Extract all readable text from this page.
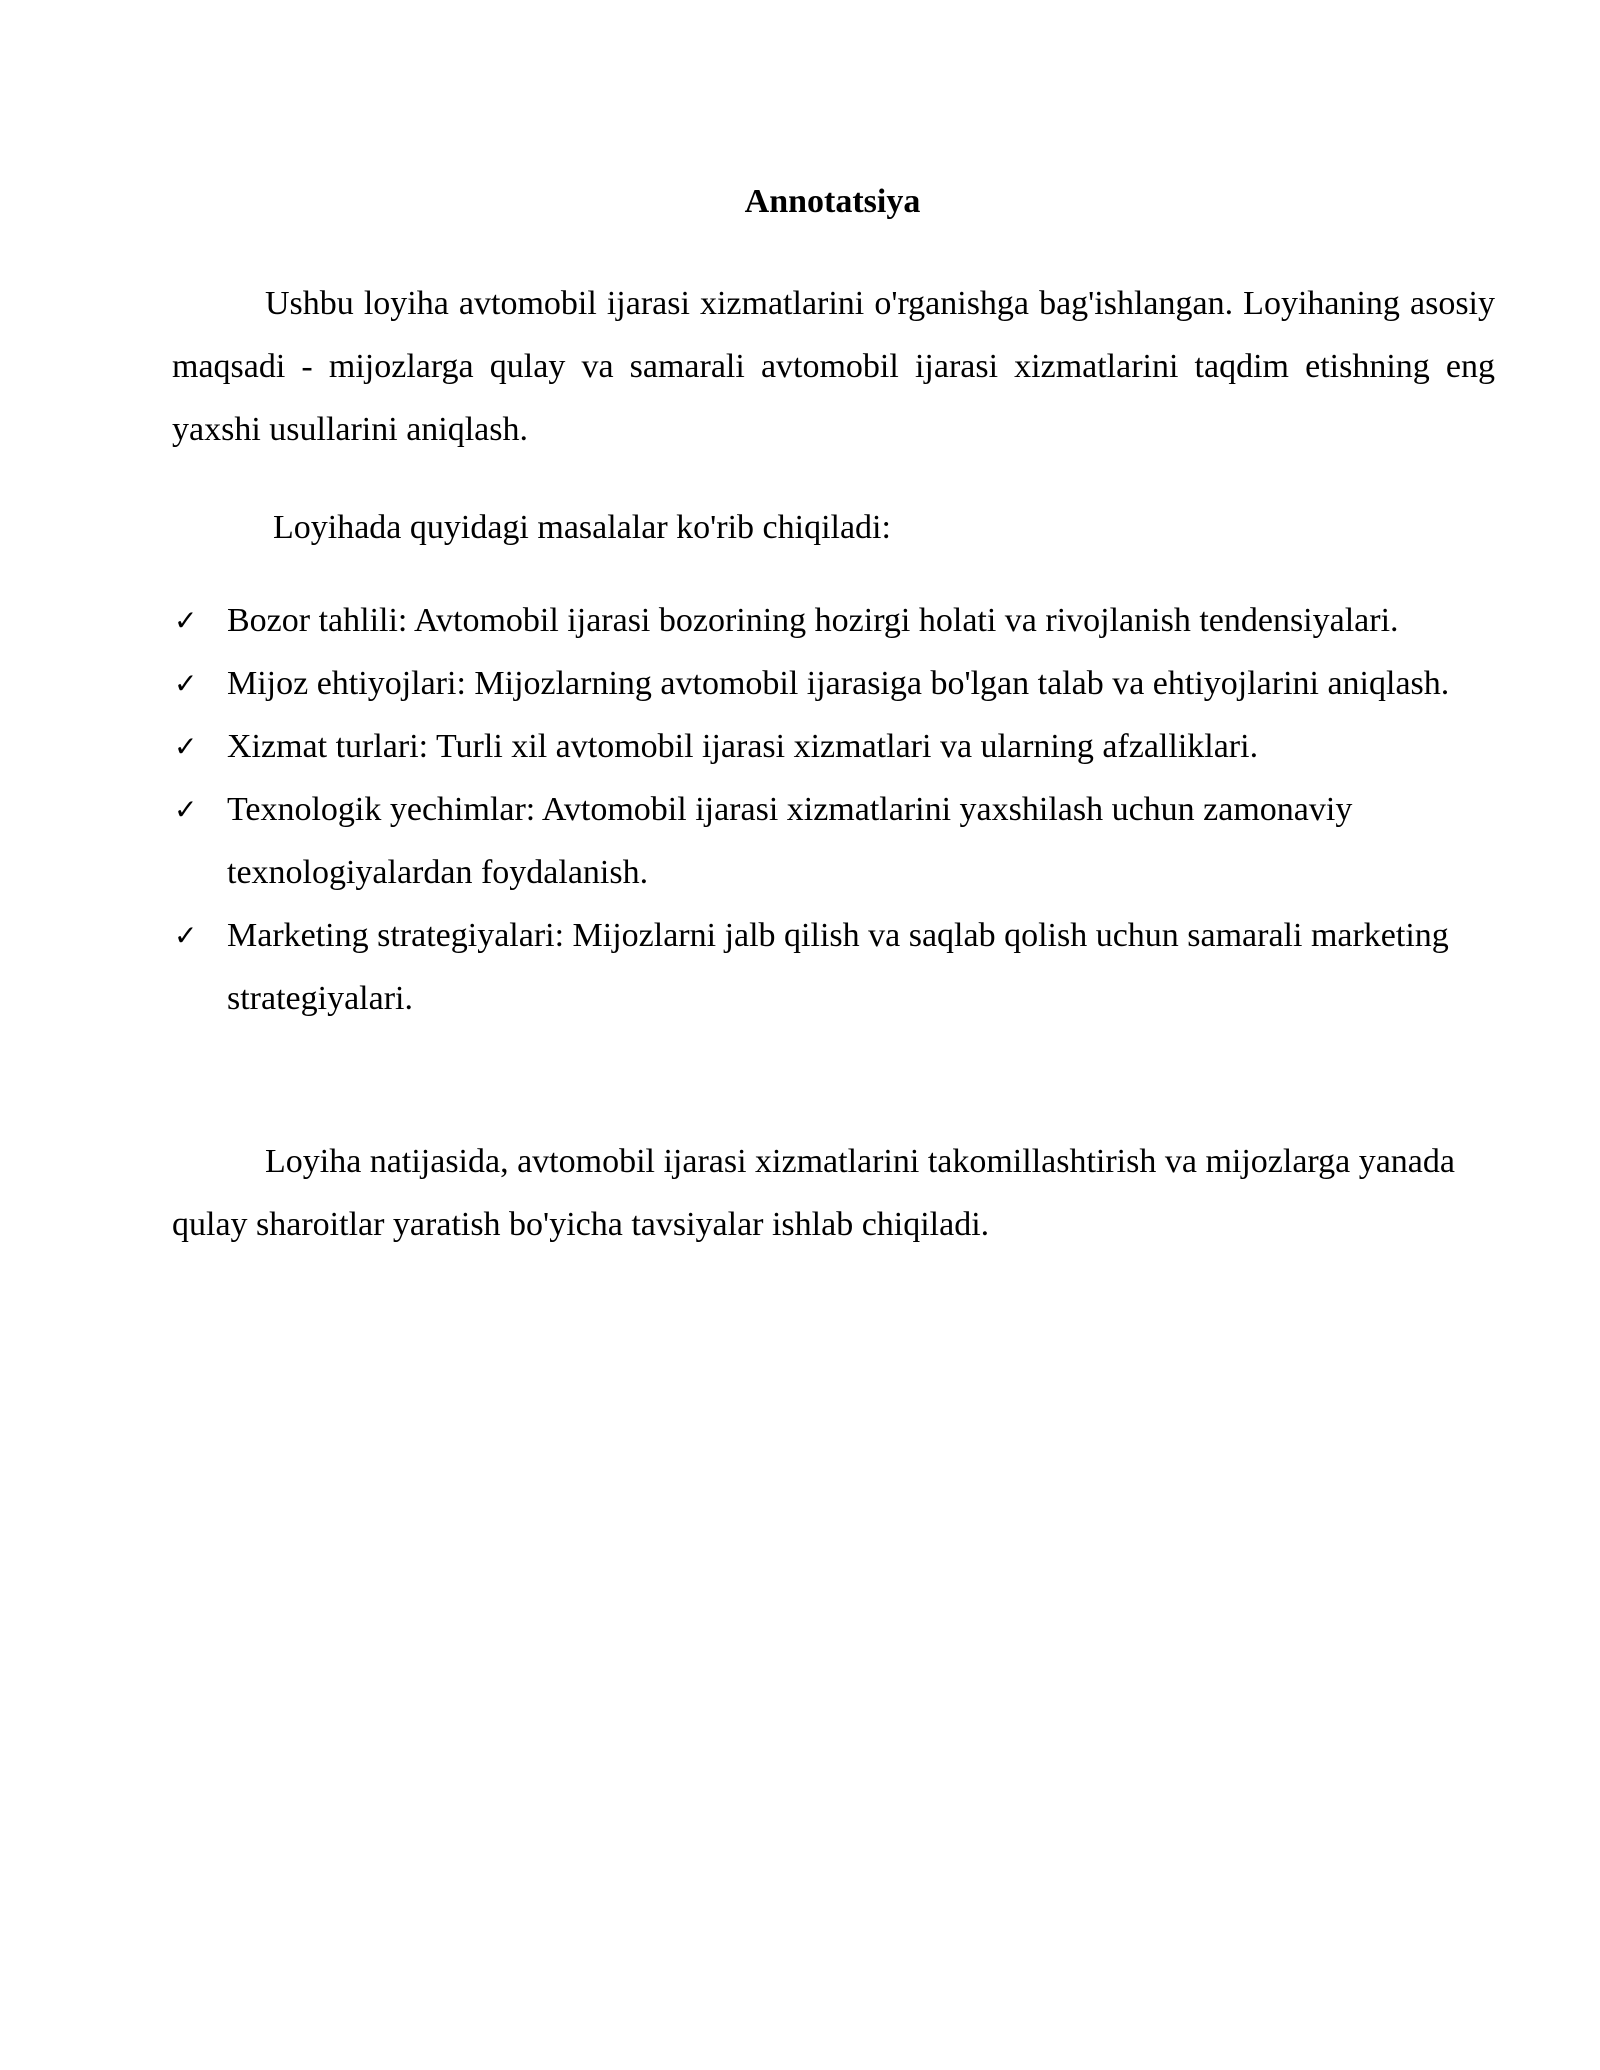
Annotatsiya

Ushbu loyiha avtomobil ijarasi xizmatlarini o'rganishga bag'ishlangan. Loyihaning asosiy maqsadi - mijozlarga qulay va samarali avtomobil ijarasi xizmatlarini taqdim etishning eng yaxshi usullarini aniqlash.

Loyihada quyidagi masalalar ko'rib chiqiladi:

✓ Bozor tahlili: Avtomobil ijarasi bozorining hozirgi holati va rivojlanish tendensiyalari.
✓ Mijoz ehtiyojlari: Mijozlarning avtomobil ijarasiga bo'lgan talab va ehtiyojlarini aniqlash.
✓ Xizmat turlari: Turli xil avtomobil ijarasi xizmatlari va ularning afzalliklari.
✓ Texnologik yechimlar: Avtomobil ijarasi xizmatlarini yaxshilash uchun zamonaviy texnologiyalardan foydalanish.
✓ Marketing strategiyalari: Mijozlarni jalb qilish va saqlab qolish uchun samarali marketing strategiyalari.

Loyiha natijasida, avtomobil ijarasi xizmatlarini takomillashtirish va mijozlarga yanada qulay sharoitlar yaratish bo'yicha tavsiyalar ishlab chiqiladi.
